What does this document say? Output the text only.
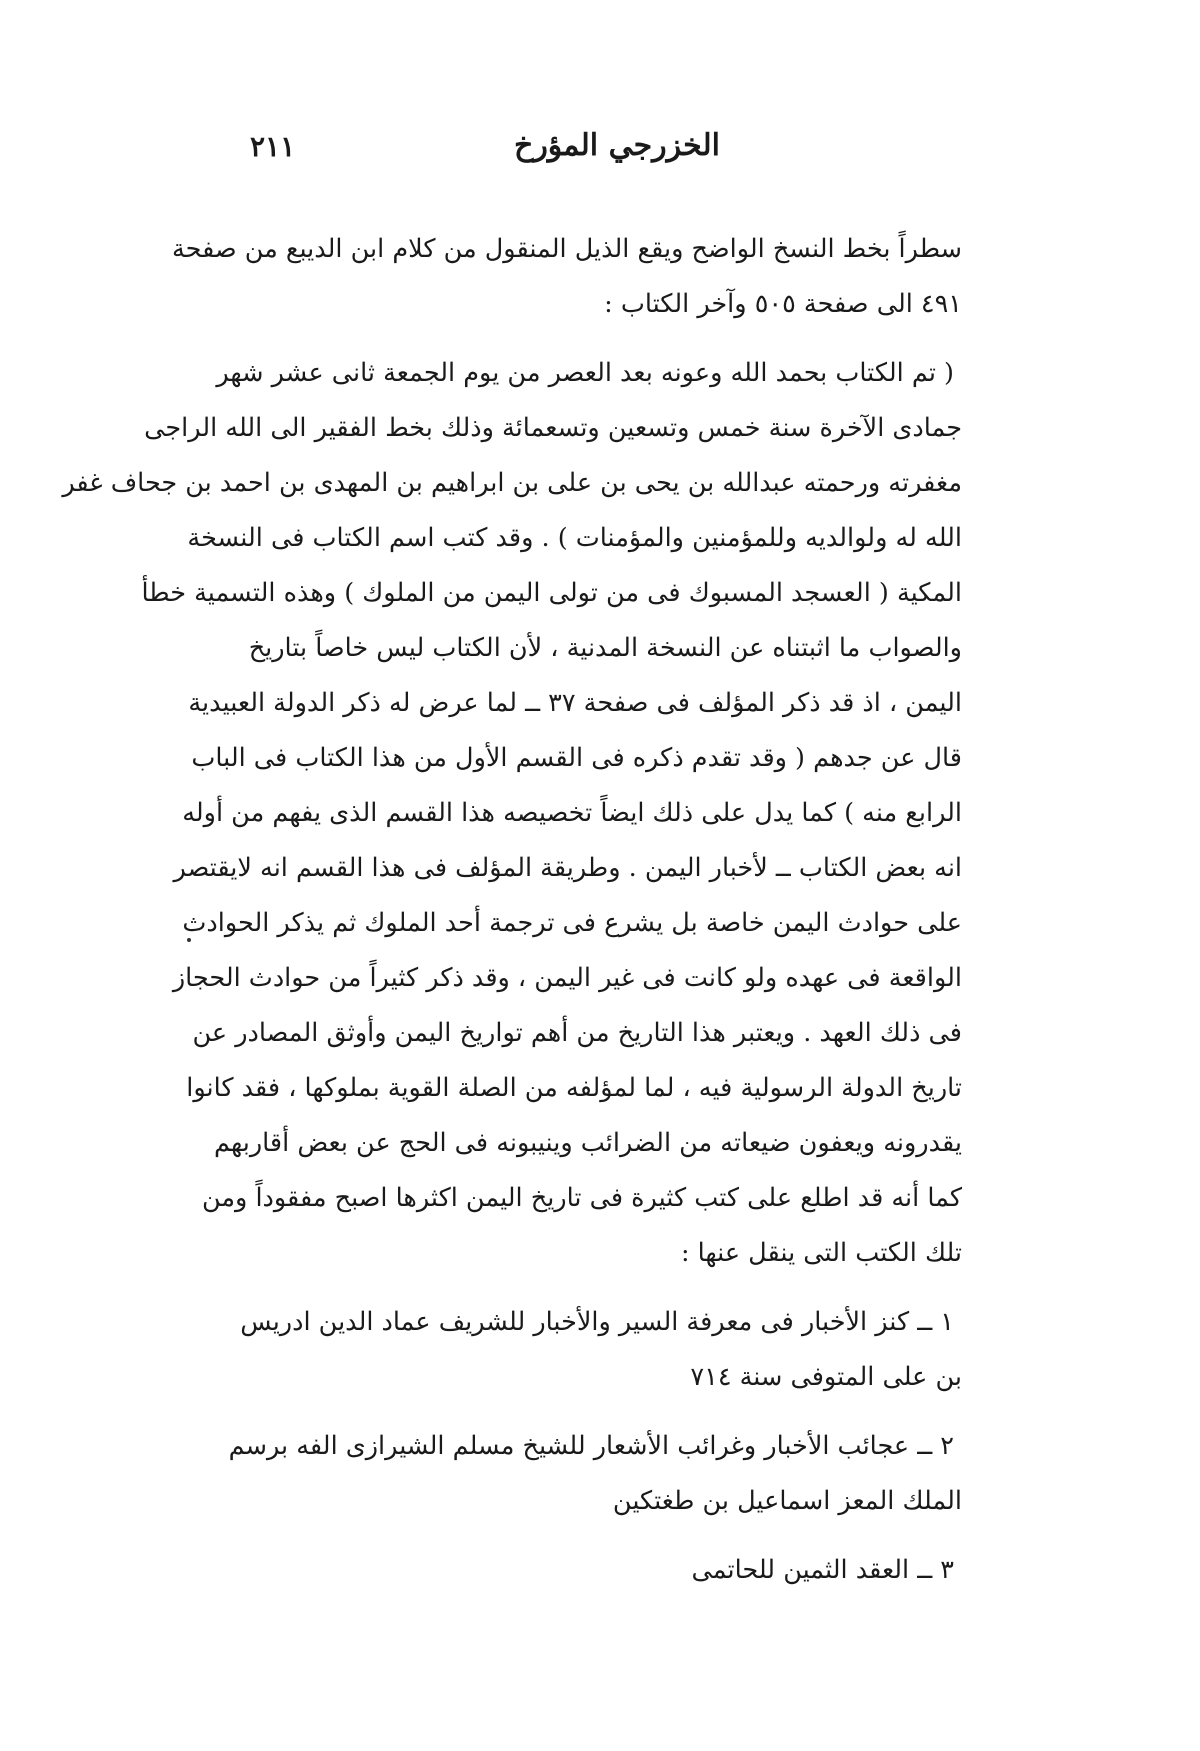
الخزرجي المؤرخ
٢١١
سطراً بخط النسخ الواضح ويقع الذيل المنقول من كلام ابن الديبع من صفحة
٤٩١ الى صفحة ٥٠٥ وآخر الكتاب :
( تم الكتاب بحمد الله وعونه بعد العصر من يوم الجمعة ثانى عشر شهر
جمادى الآخرة سنة خمس وتسعين وتسعمائة وذلك بخط الفقير الى الله الراجى
مغفرته ورحمته عبدالله بن يحى بن على بن ابراهيم بن المهدى بن احمد بن جحاف غفر
الله له ولوالديه وللمؤمنين والمؤمنات ) . وقد كتب اسم الكتاب فى النسخة
المكية ( العسجد المسبوك فى من تولى اليمن من الملوك ) وهذه التسمية خطأ
والصواب ما اثبتناه عن النسخة المدنية ، لأن الكتاب ليس خاصاً بتاريخ
اليمن ، اذ قد ذكر المؤلف فى صفحة ٣٧ ــ لما عرض له ذكر الدولة العبيدية
قال عن جدهم ( وقد تقدم ذكره فى القسم الأول من هذا الكتاب فى الباب
الرابع منه ) كما يدل على ذلك ايضاً تخصيصه هذا القسم الذى يفهم من أوله
انه بعض الكتاب ــ لأخبار اليمن . وطريقة المؤلف فى هذا القسم انه لايقتصر
على حوادث اليمن خاصة بل يشرع فى ترجمة أحد الملوك ثم يذكر الحوادث
الواقعة فى عهده ولو كانت فى غير اليمن ، وقد ذكر كثيراً من حوادث الحجاز
فى ذلك العهد . ويعتبر هذا التاريخ من أهم تواريخ اليمن وأوثق المصادر عن
تاريخ الدولة الرسولية فيه ، لما لمؤلفه من الصلة القوية بملوكها ، فقد كانوا
يقدرونه ويعفون ضيعاته من الضرائب وينيبونه فى الحج عن بعض أقاربهم
كما أنه قد اطلع على كتب كثيرة فى تاريخ اليمن اكثرها اصبح مفقوداً ومن
تلك الكتب التى ينقل عنها :
١ ــ كنز الأخبار فى معرفة السير والأخبار للشريف عماد الدين ادريس
بن على المتوفى سنة ٧١٤
٢ ــ عجائب الأخبار وغرائب الأشعار للشيخ مسلم الشيرازى الفه برسم
الملك المعز اسماعيل بن طغتكين
٣ ــ العقد الثمين للحاتمى
